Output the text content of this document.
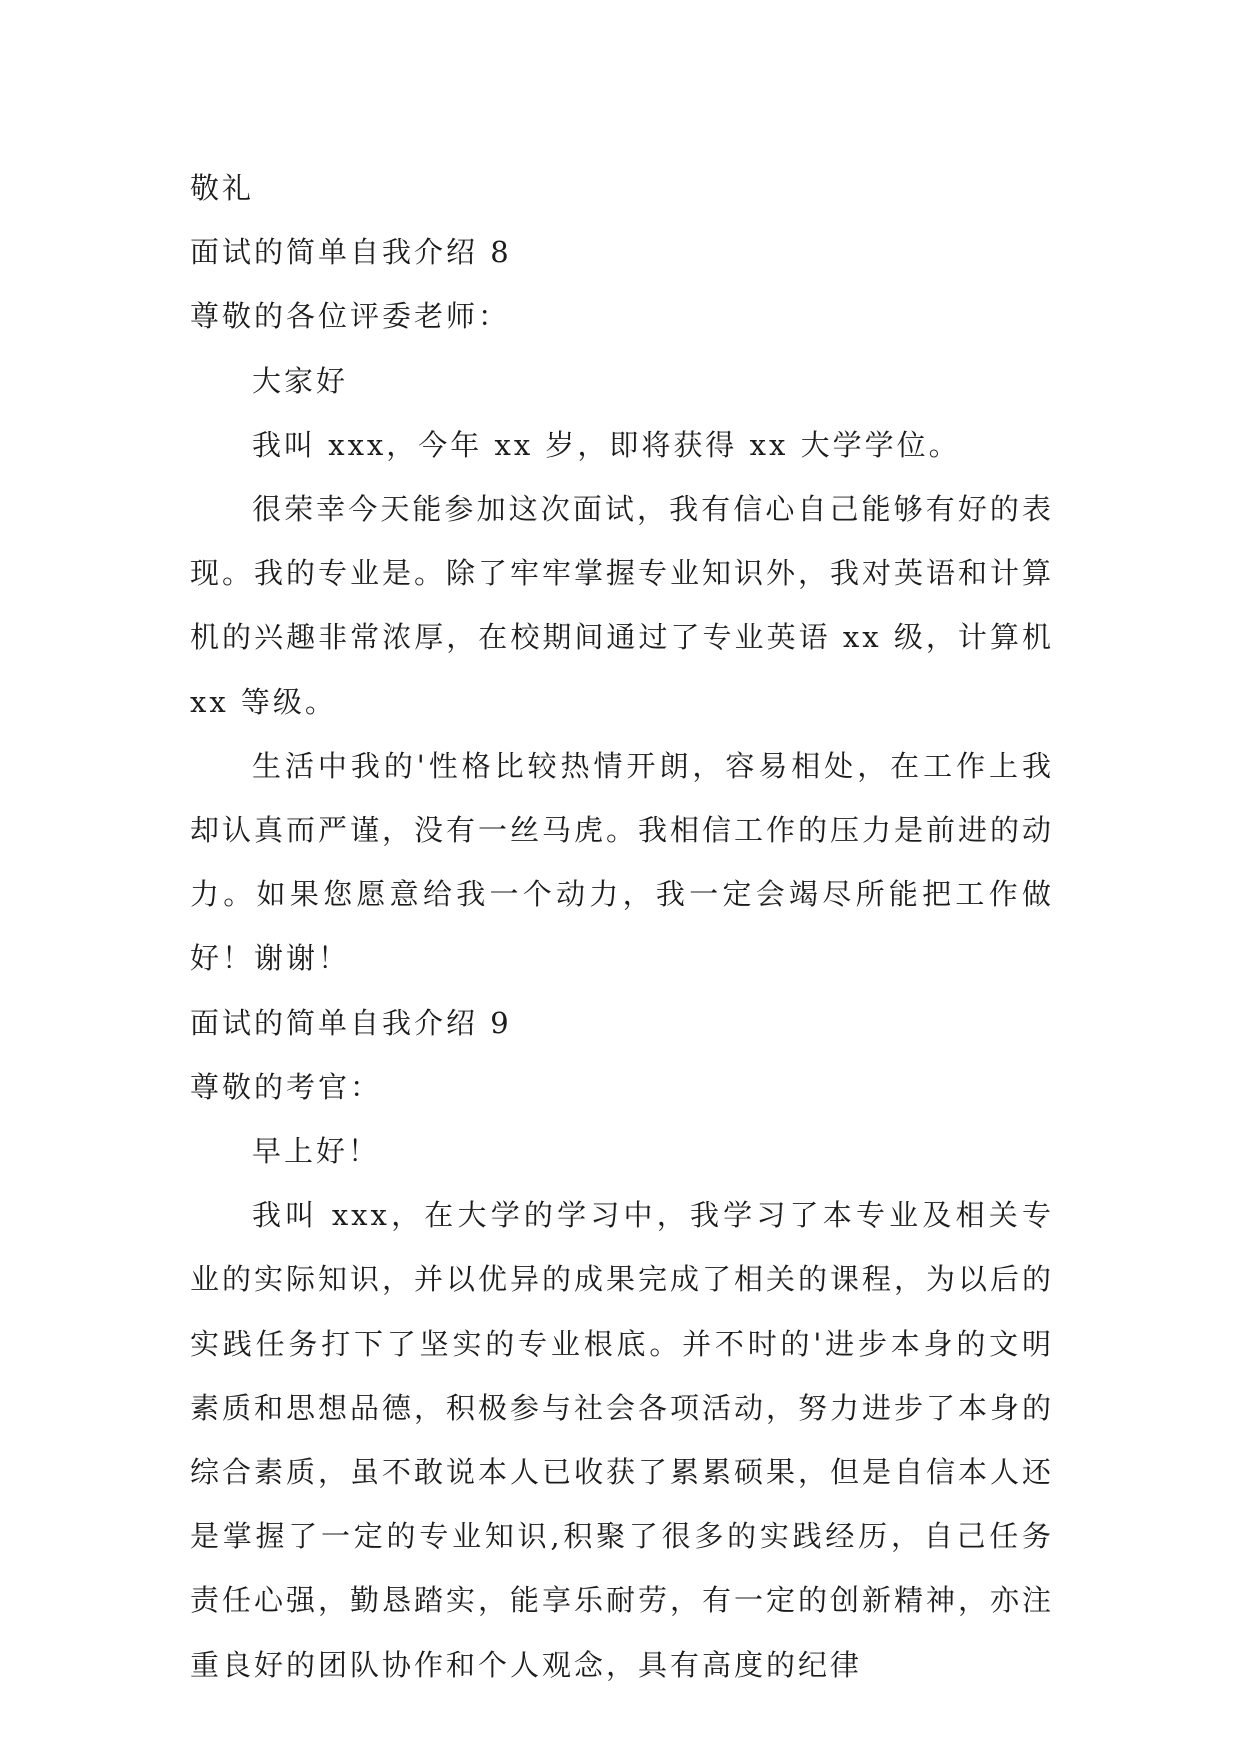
敬礼

面试的简单自我介绍 8

尊敬的各位评委老师：

大家好

我叫 xxx，今年 xx 岁，即将获得 xx 大学学位。

很荣幸今天能参加这次面试，我有信心自己能够有好的表现。我的专业是。除了牢牢掌握专业知识外，我对英语和计算机的兴趣非常浓厚，在校期间通过了专业英语 xx 级，计算机 xx 等级。

生活中我的'性格比较热情开朗，容易相处，在工作上我却认真而严谨，没有一丝马虎。我相信工作的压力是前进的动力。如果您愿意给我一个动力，我一定会竭尽所能把工作做好！谢谢！

面试的简单自我介绍 9

尊敬的考官：

早上好！

我叫 xxx，在大学的学习中，我学习了本专业及相关专业的实际知识，并以优异的成果完成了相关的课程，为以后的实践任务打下了坚实的专业根底。并不时的'进步本身的文明素质和思想品德，积极参与社会各项活动，努力进步了本身的综合素质，虽不敢说本人已收获了累累硕果，但是自信本人还是掌握了一定的专业知识,积聚了很多的实践经历，自己任务责任心强，勤恳踏实，能享乐耐劳，有一定的创新精神，亦注重良好的团队协作和个人观念，具有高度的纪律
